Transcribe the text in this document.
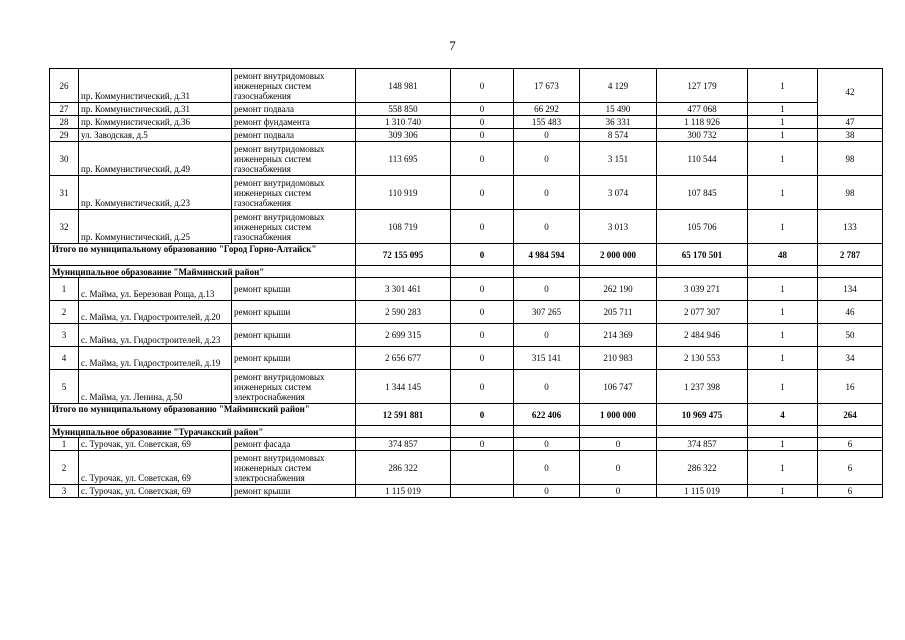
7
26	пр. Коммунистический, д.31	ремонт внутридомовых инженерных систем газоснабжения	148 981	0	17 673	4 129	127 179	1	42
27	пр. Коммунистический, д.31	ремонт подвала	558 850	0	66 292	15 490	477 068	1	
28	пр. Коммунистический, д.36	ремонт фундамента	1 310 740	0	155 483	36 331	1 118 926	1	47
29	ул. Заводская, д.5	ремонт подвала	309 306	0	0	8 574	300 732	1	38
30	пр. Коммунистический, д.49	ремонт внутридомовых инженерных систем газоснабжения	113 695	0	0	3 151	110 544	1	98
31	пр. Коммунистический, д.23	ремонт внутридомовых инженерных систем газоснабжения	110 919	0	0	3 074	107 845	1	98
32	пр. Коммунистический, д.25	ремонт внутридомовых инженерных систем газоснабжения	108 719	0	0	3 013	105 706	1	133
Итого по муниципальному образованию "Город Горно-Алтайск"			72 155 095	0	4 984 594	2 000 000	65 170 501	48	2 787
Муниципальное образование "Майминский район"									
1	с. Майма, ул. Березовая Роща, д.13	ремонт крыши	3 301 461	0	0	262 190	3 039 271	1	134
2	с. Майма, ул. Гидростроителей, д.20	ремонт крыши	2 590 283	0	307 265	205 711	2 077 307	1	46
3	с. Майма, ул. Гидростроителей, д.23	ремонт крыши	2 699 315	0	0	214 369	2 484 946	1	50
4	с. Майма, ул. Гидростроителей, д.19	ремонт крыши	2 656 677	0	315 141	210 983	2 130 553	1	34
5	с. Майма, ул. Ленина, д.50	ремонт внутридомовых инженерных систем электроснабжения	1 344 145	0	0	106 747	1 237 398	1	16
Итого по муниципальному образованию "Майминский район"			12 591 881	0	622 406	1 000 000	10 969 475	4	264
Муниципальное образование "Турачакский район"									
1	с. Турочак, ул. Советская, 69	ремонт фасада	374 857	0	0	0	374 857	1	6
2	с. Турочак, ул. Советская, 69	ремонт внутридомовых инженерных систем электроснабжения	286 322		0	0	286 322	1	6
3	с. Турочак, ул. Советская, 69	ремонт крыши	1 115 019		0	0	1 115 019	1	6
